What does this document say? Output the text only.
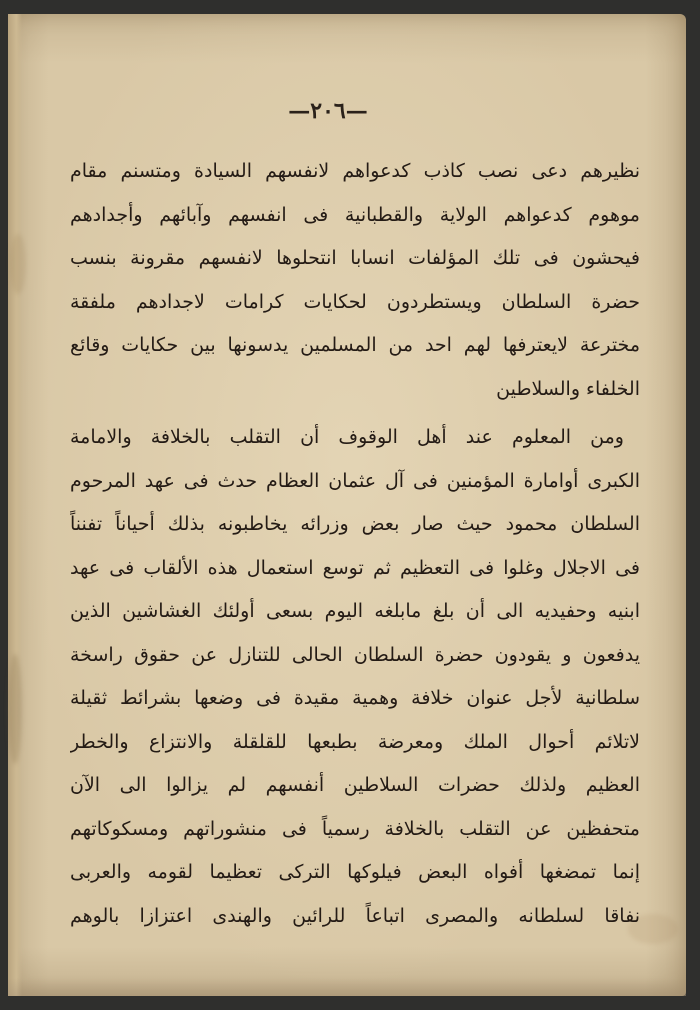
—٢٠٦—
نظيرهم دعى نصب كاذب كدعواهم لانفسهم السيادة ومتسنم مقام
موهوم كدعواهم الولاية والقطبانية فى انفسهم وآبائهم وأجدادهم
فيحشون فى تلك المؤلفات انسابا انتحلوها لانفسهم مقرونة بنسب
حضرة السلطان ويستطردون لحكايات كرامات لاجدادهم ملفقة
مخترعة لايعترفها لهم احد من المسلمين يدسونها بين حكايات وقائع
الخلفاء والسلاطين
ومن المعلوم عند أهل الوقوف أن التقلب بالخلافة والامامة
الكبرى أوامارة المؤمنين فى آل عثمان العظام حدث فى عهد المرحوم
السلطان محمود حيث صار بعض وزرائه يخاطبونه بذلك أحياناً تفنناً
فى الاجلال وغلوا فى التعظيم ثم توسع استعمال هذه الألقاب فى عهد
ابنيه وحفيديه الى أن بلغ مابلغه اليوم بسعى أولئك الغشاشين الذين
يدفعون و يقودون حضرة السلطان الحالى للتنازل عن حقوق راسخة
سلطانية لأجل عنوان خلافة وهمية مقيدة فى وضعها بشرائط ثقيلة
لاتلائم أحوال الملك ومعرضة بطبعها للقلقلة والانتزاع والخطر
العظيم ولذلك حضرات السلاطين أنفسهم لم يزالوا الى الآن
متحفظين عن التقلب بالخلافة رسمياً فى منشوراتهم ومسكوكاتهم
إنما تمضغها أفواه البعض فيلوكها التركى تعظيما لقومه والعربى
نفاقا لسلطانه والمصرى اتباعاً للرائين والهندى اعتزازا بالوهم
